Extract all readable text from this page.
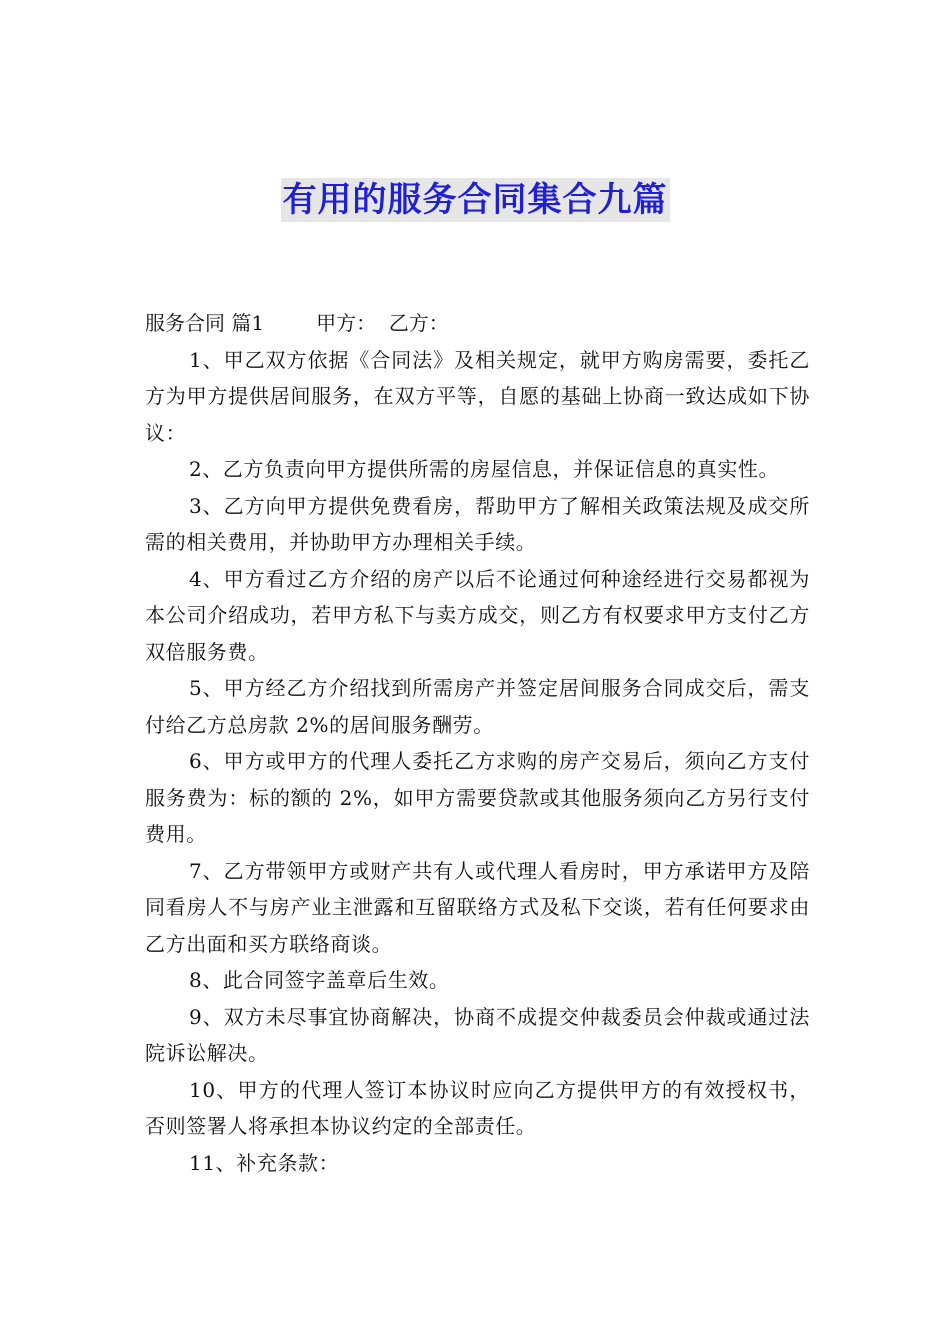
有用的服务合同集合九篇

服务合同 篇1	甲方： 乙方：

1、甲乙双方依据《合同法》及相关规定，就甲方购房需要，委托乙方为甲方提供居间服务，在双方平等，自愿的基础上协商一致达成如下协议：

2、乙方负责向甲方提供所需的房屋信息，并保证信息的真实性。

3、乙方向甲方提供免费看房，帮助甲方了解相关政策法规及成交所需的相关费用，并协助甲方办理相关手续。

4、甲方看过乙方介绍的房产以后不论通过何种途经进行交易都视为本公司介绍成功，若甲方私下与卖方成交，则乙方有权要求甲方支付乙方双倍服务费。

5、甲方经乙方介绍找到所需房产并签定居间服务合同成交后，需支付给乙方总房款 2%的居间服务酬劳。

6、甲方或甲方的代理人委托乙方求购的房产交易后，须向乙方支付服务费为：标的额的 2%，如甲方需要贷款或其他服务须向乙方另行支付费用。

7、乙方带领甲方或财产共有人或代理人看房时，甲方承诺甲方及陪同看房人不与房产业主泄露和互留联络方式及私下交谈，若有任何要求由乙方出面和买方联络商谈。

8、此合同签字盖章后生效。

9、双方未尽事宜协商解决，协商不成提交仲裁委员会仲裁或通过法院诉讼解决。

10、甲方的代理人签订本协议时应向乙方提供甲方的有效授权书，否则签署人将承担本协议约定的全部责任。

11、补充条款：
